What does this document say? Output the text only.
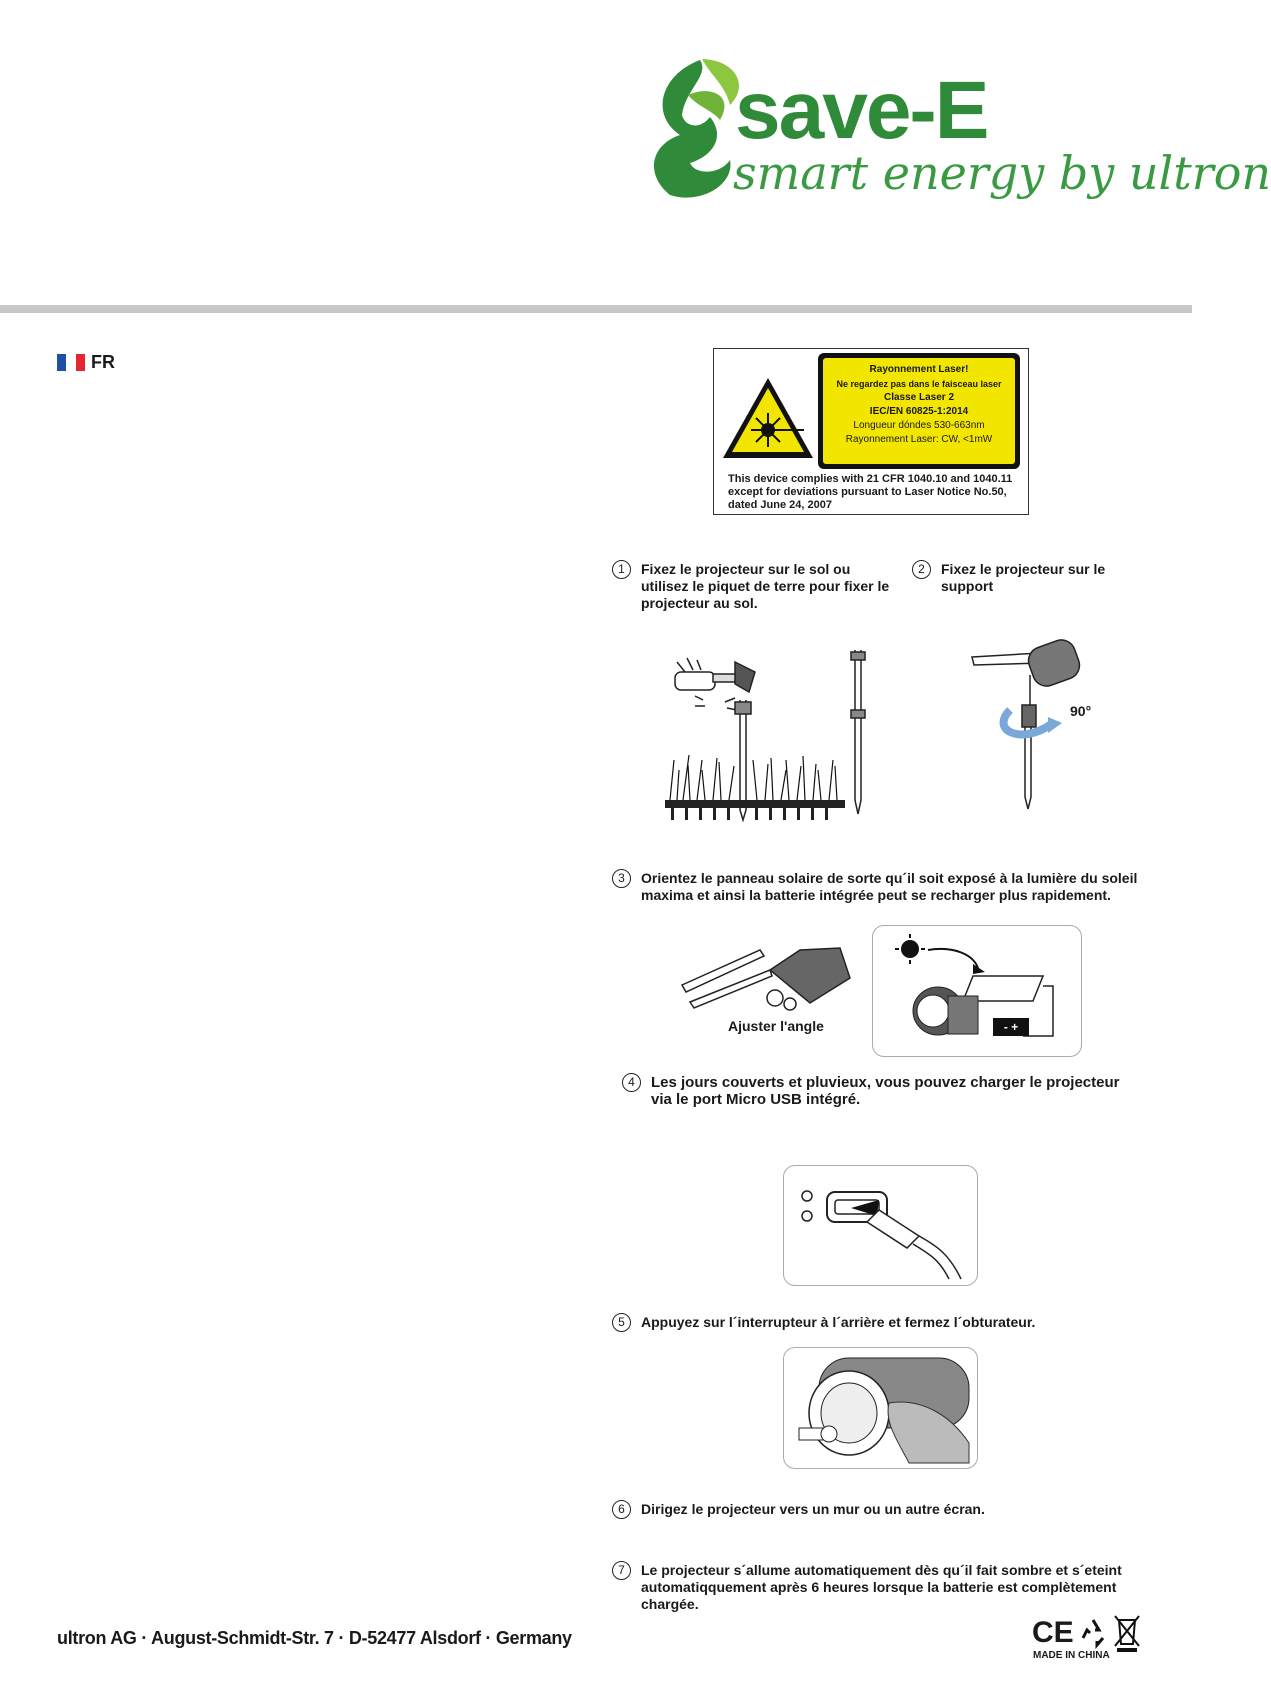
save-E
smart energy by ultron
FR	Rayonnement Laser!
Ne regardez pas dans le faisceau laser
Classe Laser 2
IEC/EN 60825-1:2014
Longueur dóndes 530-663nm
Rayonnement Laser: CW, <1mW
This device complies with 21 CFR 1040.10 and 1040.11 except for deviations pursuant to Laser Notice No.50, dated June 24, 2007
1	Fixez le projecteur sur le sol ou utilisez le piquet de terre pour fixer le projecteur au sol.
2	Fixez le projecteur sur le support
90°
3	Orientez le panneau solaire de sorte qu´il soit exposé à la lumière du soleil maxima et ainsi la batterie intégrée peut se recharger plus rapidement.
Ajuster l'angle	- +
4	Les jours couverts et pluvieux, vous pouvez charger le projecteur via le port Micro USB intégré.
5	Appuyez sur l´interrupteur à l´arrière et fermez l´obturateur.
6	Dirigez le projecteur vers un mur ou un autre écran.
7	Le projecteur s´allume automatiquement dès qu´il fait sombre et s´eteint automatiqquement après 6 heures lorsque la batterie est complètement chargée.
ultron AG · August-Schmidt-Str. 7 · D-52477 Alsdorf · Germany	CE
MADE IN CHINA
